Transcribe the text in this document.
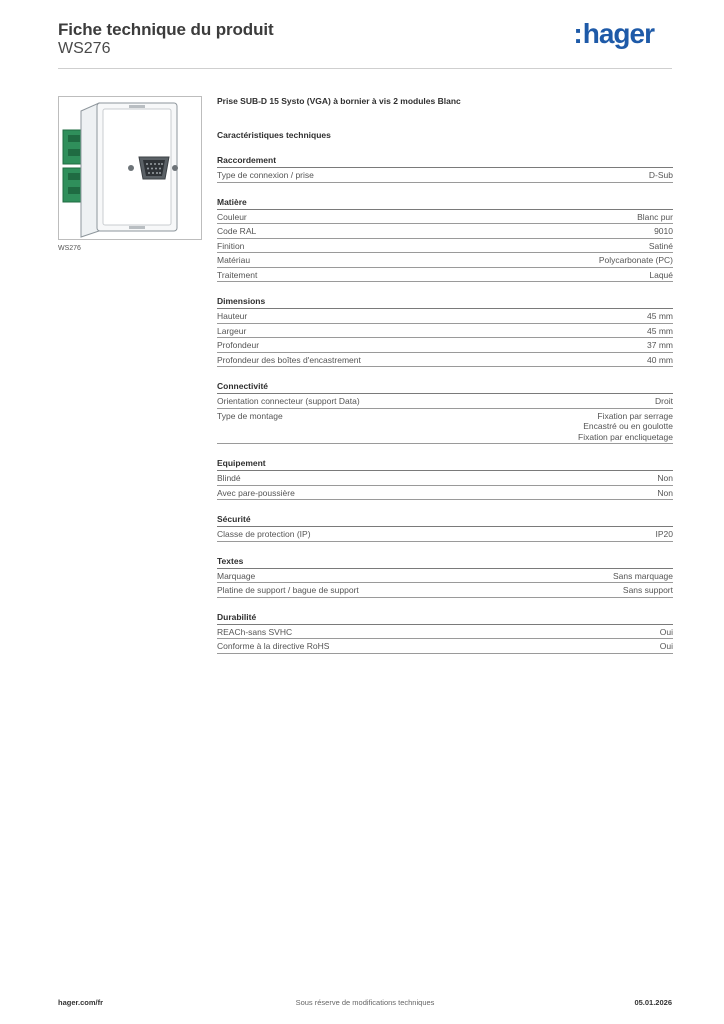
Fiche technique du produit
WS276	:hager
WS276
Prise SUB-D 15 Systo (VGA) à bornier à vis 2 modules Blanc
Caractéristiques techniques
Raccordement
Type de connexion / prise	D-Sub
Matière
Couleur	Blanc pur
Code RAL	9010
Finition	Satiné
Matériau	Polycarbonate (PC)
Traitement	Laqué
Dimensions
Hauteur	45 mm
Largeur	45 mm
Profondeur	37 mm
Profondeur des boîtes d'encastrement	40 mm
Connectivité
Orientation connecteur (support Data)	Droit
Type de montage	Fixation par serrage
Encastré ou en goulotte
Fixation par encliquetage
Equipement
Blindé	Non
Avec pare-poussière	Non
Sécurité
Classe de protection (IP)	IP20
Textes
Marquage	Sans marquage
Platine de support / bague de support	Sans support
Durabilité
REACh-sans SVHC	Oui
Conforme à la directive RoHS	Oui
hager.com/fr	Sous réserve de modifications techniques	05.01.2026
